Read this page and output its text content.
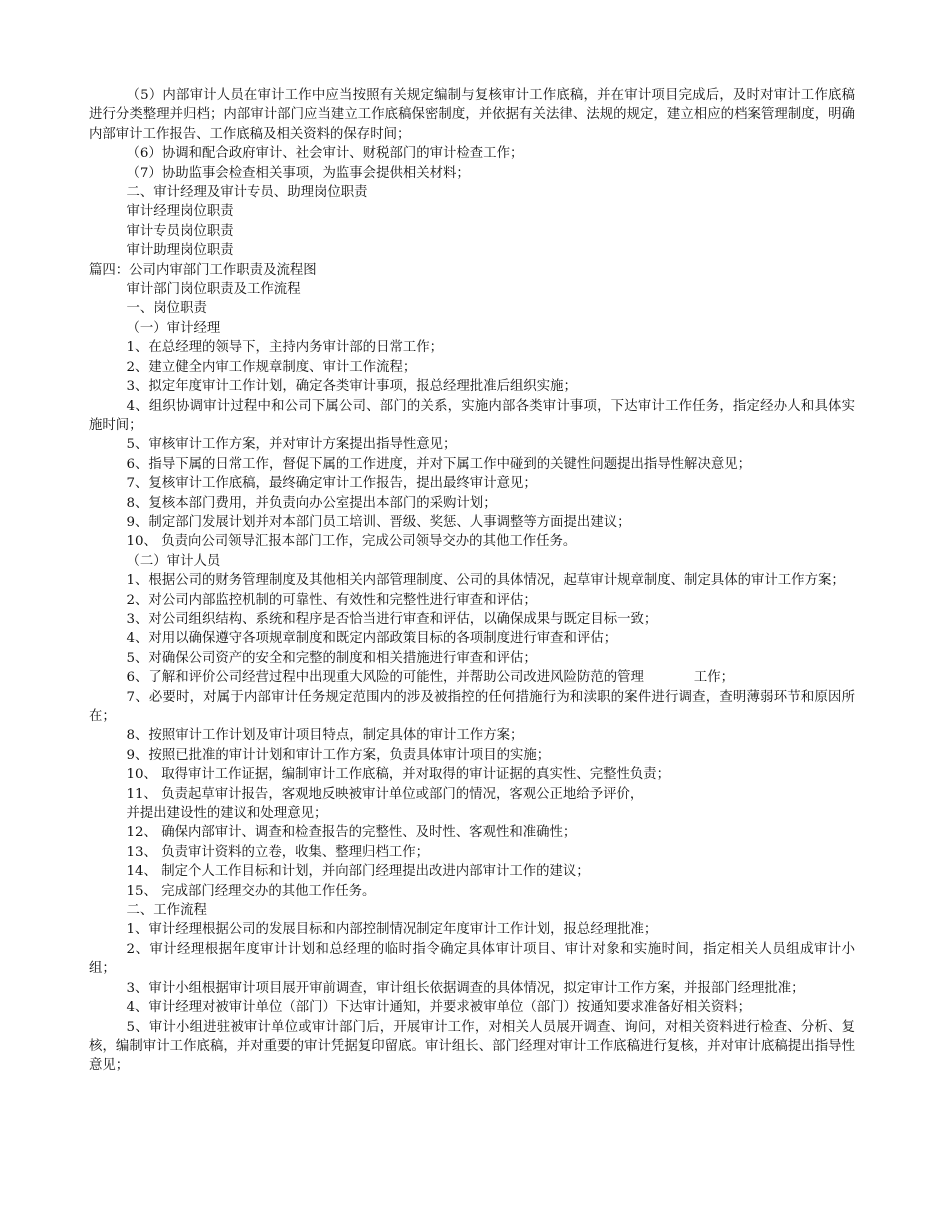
（5）内部审计人员在审计工作中应当按照有关规定编制与复核审计工作底稿，并在审计项目完成后，及时对审计工作底稿进行分类整理并归档；内部审计部门应当建立工作底稿保密制度，并依据有关法律、法规的规定，建立相应的档案管理制度，明确内部审计工作报告、工作底稿及相关资料的保存时间；

（6）协调和配合政府审计、社会审计、财税部门的审计检查工作；

（7）协助监事会检查相关事项，为监事会提供相关材料；

二、审计经理及审计专员、助理岗位职责

审计经理岗位职责

审计专员岗位职责

审计助理岗位职责

篇四：公司内审部门工作职责及流程图

审计部门岗位职责及工作流程

一、岗位职责

（一）审计经理

1、在总经理的领导下，主持内务审计部的日常工作；

2、建立健全内审工作规章制度、审计工作流程；

3、拟定年度审计工作计划，确定各类审计事项，报总经理批准后组织实施；

4、组织协调审计过程中和公司下属公司、部门的关系，实施内部各类审计事项，下达审计工作任务，指定经办人和具体实施时间；

5、审核审计工作方案，并对审计方案提出指导性意见；

6、指导下属的日常工作，督促下属的工作进度，并对下属工作中碰到的关键性问题提出指导性解决意见；

7、复核审计工作底稿，最终确定审计工作报告，提出最终审计意见；

8、复核本部门费用，并负责向办公室提出本部门的采购计划；

9、制定部门发展计划并对本部门员工培训、晋级、奖惩、人事调整等方面提出建议；

10、 负责向公司领导汇报本部门工作，完成公司领导交办的其他工作任务。

（二）审计人员

1、根据公司的财务管理制度及其他相关内部管理制度、公司的具体情况，起草审计规章制度、制定具体的审计工作方案；

2、对公司内部监控机制的可靠性、有效性和完整性进行审查和评估；

3、对公司组织结构、系统和程序是否恰当进行审查和评估，以确保成果与既定目标一致；

4、对用以确保遵守各项规章制度和既定内部政策目标的各项制度进行审查和评估；

5、对确保公司资产的安全和完整的制度和相关措施进行审查和评估；

6、了解和评价公司经营过程中出现重大风险的可能性，并帮助公司改进风险防范的管理	工作；

7、必要时，对属于内部审计任务规定范围内的涉及被指控的任何措施行为和渎职的案件进行调查，查明薄弱环节和原因所在；

8、按照审计工作计划及审计项目特点，制定具体的审计工作方案；

9、按照已批准的审计计划和审计工作方案，负责具体审计项目的实施；

10、 取得审计工作证据，编制审计工作底稿，并对取得的审计证据的真实性、完整性负责；

11、 负责起草审计报告，客观地反映被审计单位或部门的情况，客观公正地给予评价，

并提出建设性的建议和处理意见；

12、 确保内部审计、调查和检查报告的完整性、及时性、客观性和准确性；

13、 负责审计资料的立卷，收集、整理归档工作；

14、 制定个人工作目标和计划，并向部门经理提出改进内部审计工作的建议；

15、 完成部门经理交办的其他工作任务。

二、工作流程

1、审计经理根据公司的发展目标和内部控制情况制定年度审计工作计划，报总经理批准；

2、审计经理根据年度审计计划和总经理的临时指令确定具体审计项目、审计对象和实施时间，指定相关人员组成审计小组；

3、审计小组根据审计项目展开审前调查，审计组长依据调查的具体情况，拟定审计工作方案，并报部门经理批准；

4、审计经理对被审计单位（部门）下达审计通知，并要求被审单位（部门）按通知要求准备好相关资料；

5、审计小组进驻被审计单位或审计部门后，开展审计工作，对相关人员展开调查、询问，对相关资料进行检查、分析、复核，编制审计工作底稿，并对重要的审计凭据复印留底。审计组长、部门经理对审计工作底稿进行复核，并对审计底稿提出指导性意见；
